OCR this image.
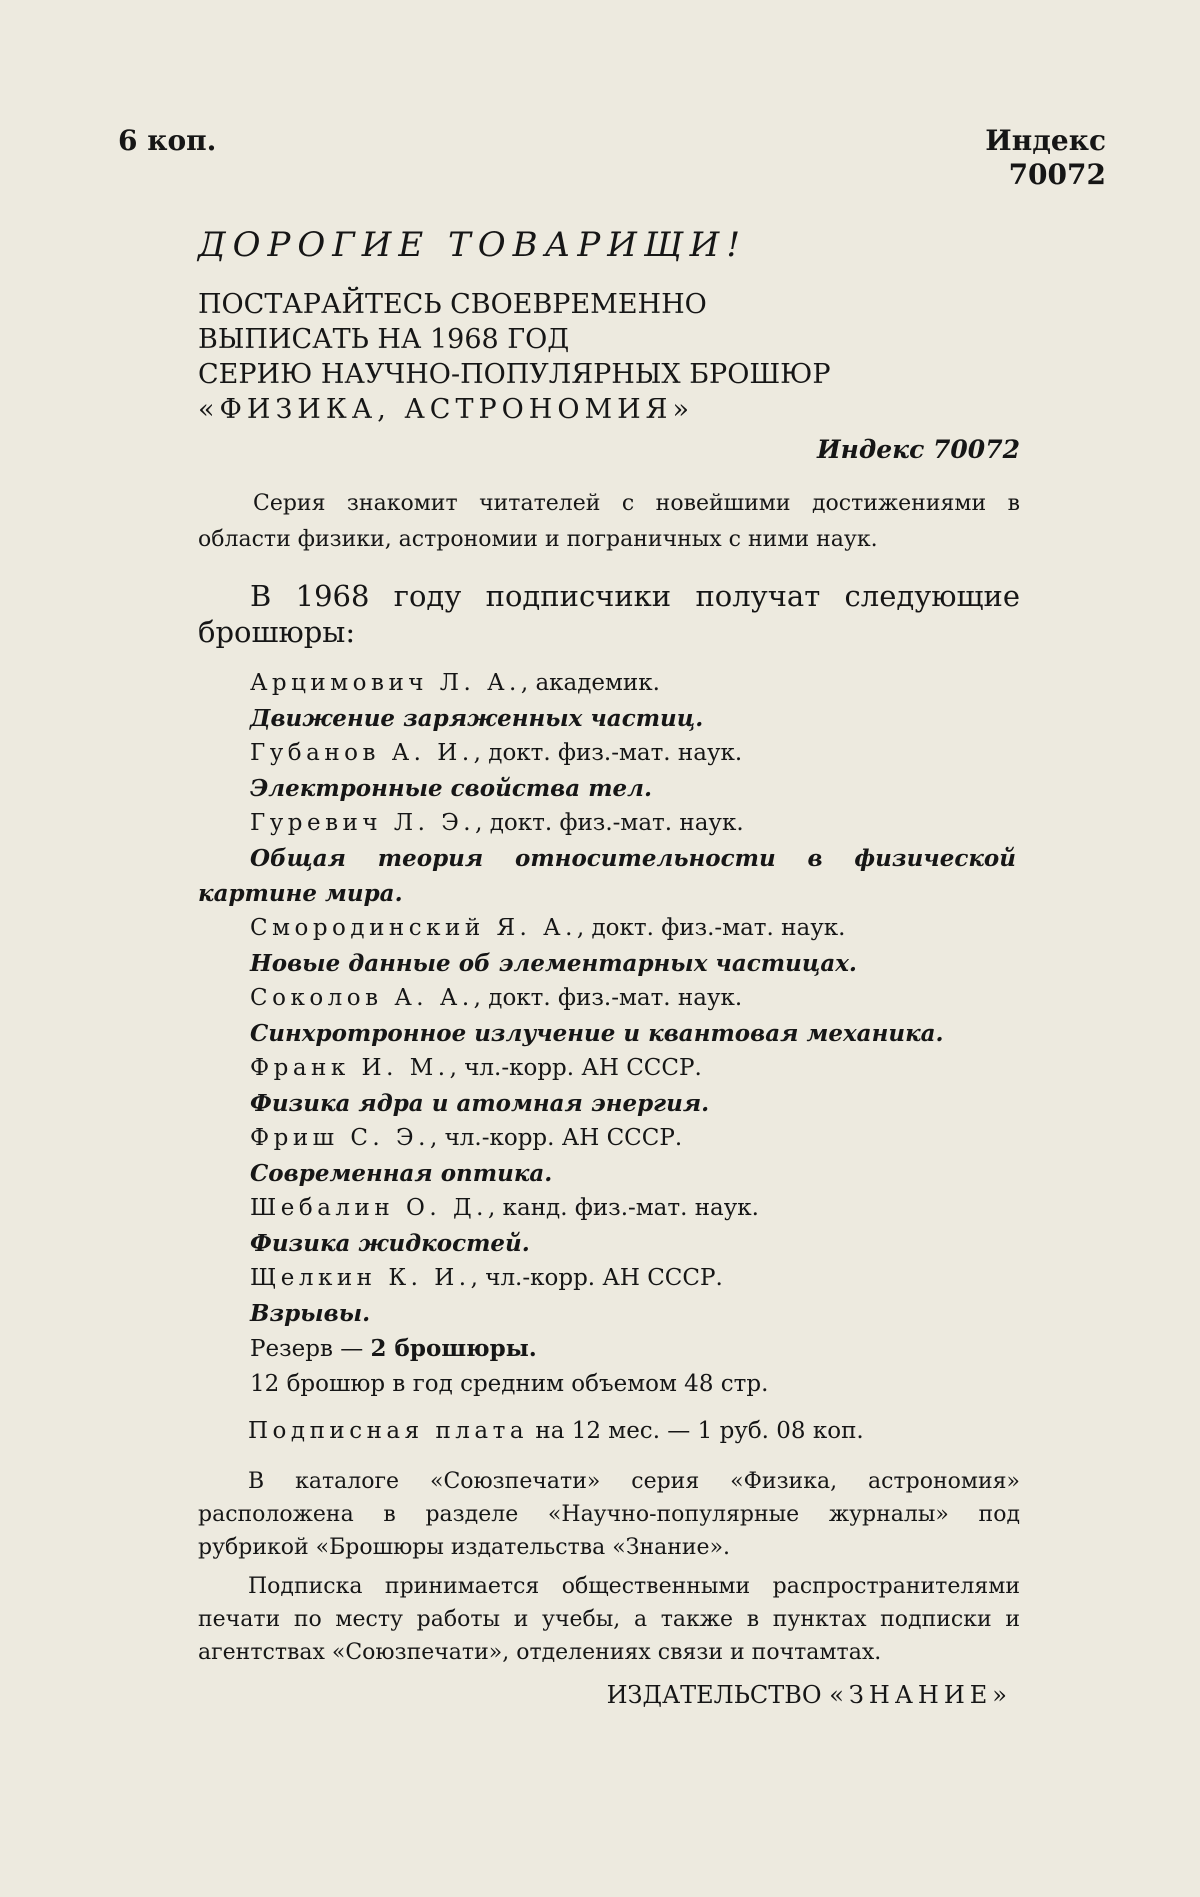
6 коп.	Индекс
70072
ДОРОГИЕ ТОВАРИЩИ!
ПОСТАРАЙТЕСЬ СВОЕВРЕМЕННО
ВЫПИСАТЬ НА 1968 ГОД
СЕРИЮ НАУЧНО-ПОПУЛЯРНЫХ БРОШЮР
«ФИЗИКА, АСТРОНОМИЯ»
Индекс 70072

Серия знакомит читателей с новейшими достижениями в области физики, астрономии и пограничных с ними наук.

В 1968 году подписчики получат следующие брошюры:

Арцимович Л. А., академик.
Движение заряженных частиц.
Губанов А. И., докт. физ.-мат. наук.
Электронные свойства тел.
Гуревич Л. Э., докт. физ.-мат. наук.
Общая теория относительности в физической картине мира.
Смородинский Я. А., докт. физ.-мат. наук.
Новые данные об элементарных частицах.
Соколов А. А., докт. физ.-мат. наук.
Синхротронное излучение и квантовая механика.
Франк И. М., чл.-корр. АН СССР.
Физика ядра и атомная энергия.
Фриш С. Э., чл.-корр. АН СССР.
Современная оптика.
Шебалин О. Д., канд. физ.-мат. наук.
Физика жидкостей.
Щелкин К. И., чл.-корр. АН СССР.
Взрывы.
Резерв — 2 брошюры.
12 брошюр в год средним объемом 48 стр.
Подписная плата на 12 мес. — 1 руб. 08 коп.

В каталоге «Союзпечати» серия «Физика, астрономия» расположена в разделе «Научно-популярные журналы» под рубрикой «Брошюры издательства «Знание».

Подписка принимается общественными распространителями печати по месту работы и учебы, а также в пунктах подписки и агентствах «Союзпечати», отделениях связи и почтамтах.

ИЗДАТЕЛЬСТВО «ЗНАНИЕ»
